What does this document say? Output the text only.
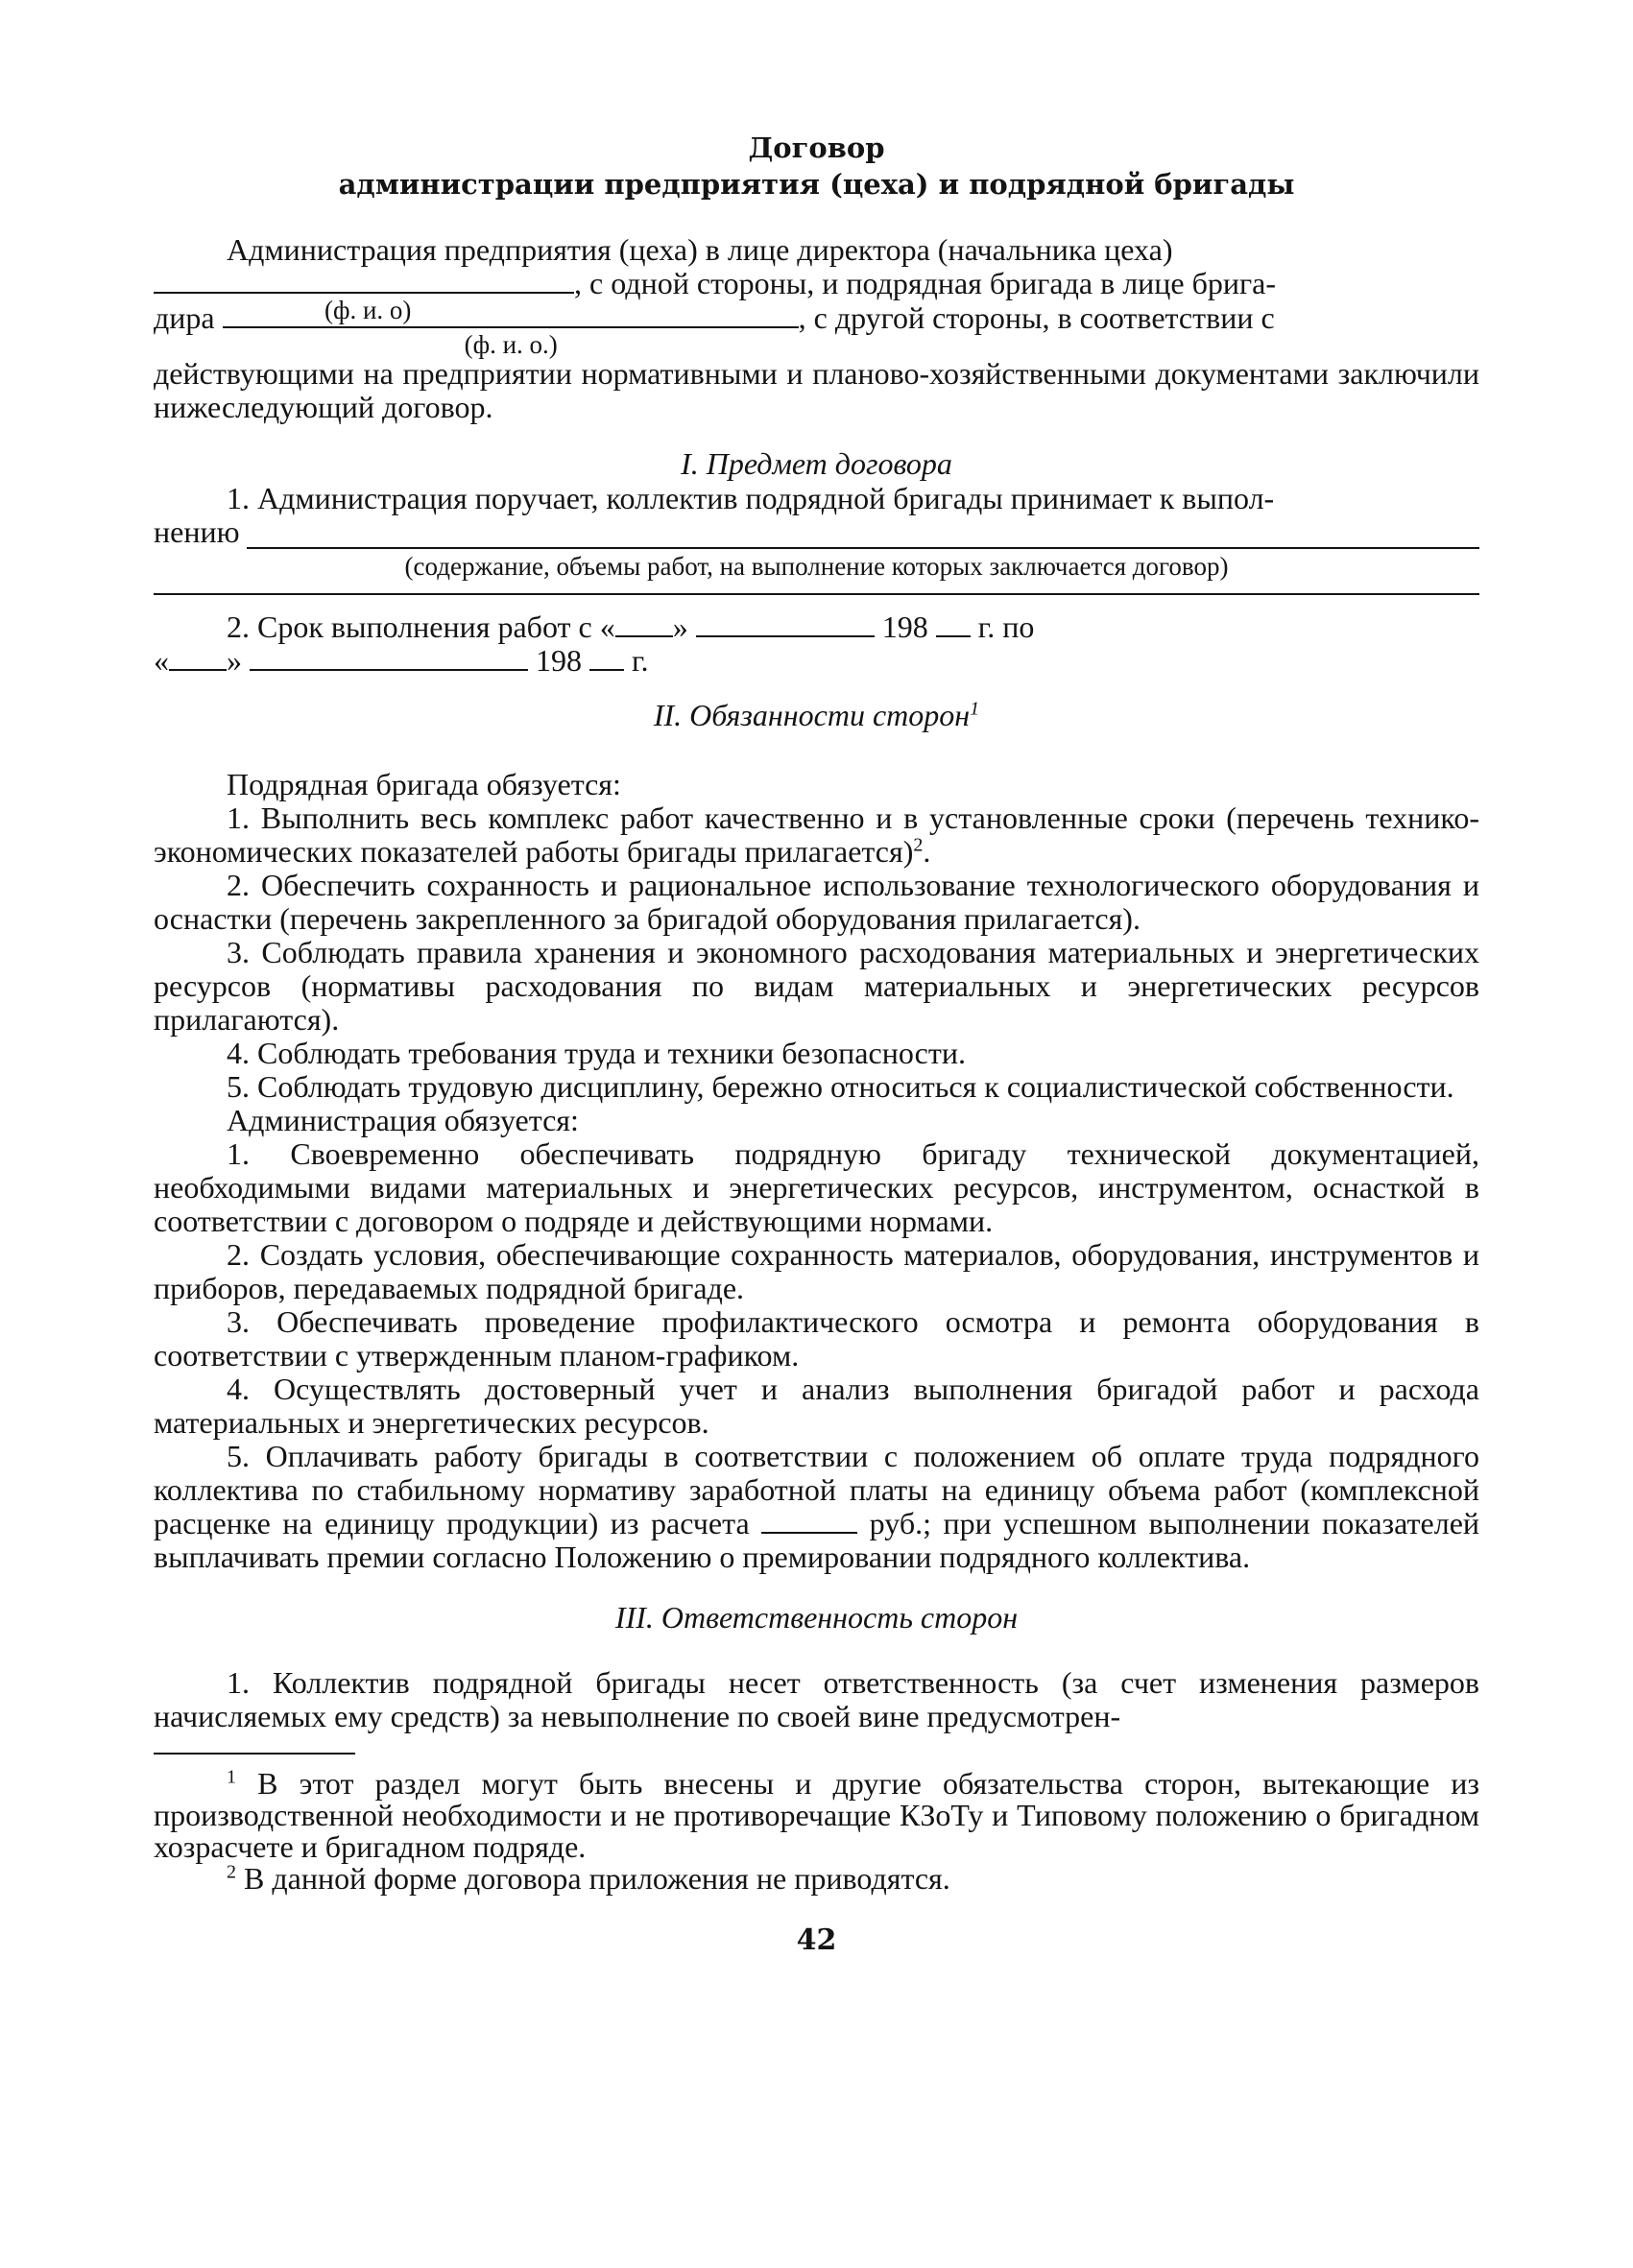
Договор
администрации предприятия (цеха) и подрядной бригады
Администрация предприятия (цеха) в лице директора (начальника цеха)
(ф. и. о)
, с одной стороны, и подрядная бригада в лице брига-
дира
(ф. и. о.)
, с другой стороны, в соответствии с
действующими на предприятии нормативными и планово-хозяйственными документами заключили нижеследующий договор.
I. Предмет договора
1. Администрация поручает, коллектив подрядной бригады принимает к выпол-
нению
(содержание, объемы работ, на выполнение которых заключается договор)
2. Срок выполнения работ с « »	198 г. по
« »	198 г.
II. Обязанности сторон$^1$
Подрядная бригада обязуется:
1. Выполнить весь комплекс работ качественно и в установленные сроки (перечень технико-экономических показателей работы бригады прилагается)$^2$.
2. Обеспечить сохранность и рациональное использование технологического оборудования и оснастки (перечень закрепленного за бригадой оборудования прилагается).
3. Соблюдать правила хранения и экономного расходования материальных и энергетических ресурсов (нормативы расходования по видам материальных и энергетических ресурсов прилагаются).
4. Соблюдать требования труда и техники безопасности.
5. Соблюдать трудовую дисциплину, бережно относиться к социалистической собственности.
Администрация обязуется:
1. Своевременно обеспечивать подрядную бригаду технической документацией, необходимыми видами материальных и энергетических ресурсов, инструментом, оснасткой в соответствии с договором о подряде и действующими нормами.
2. Создать условия, обеспечивающие сохранность материалов, оборудования, инструментов и приборов, передаваемых подрядной бригаде.
3. Обеспечивать проведение профилактического осмотра и ремонта оборудования в соответствии с утвержденным планом-графиком.
4. Осуществлять достоверный учет и анализ выполнения бригадой работ и расхода материальных и энергетических ресурсов.
5. Оплачивать работу бригады в соответствии с положением об оплате труда подрядного коллектива по стабильному нормативу заработной платы на единицу объема работ (комплексной расценке на единицу продукции) из расчета	руб.; при успешном выполнении показателей выплачивать премии согласно Положению о премировании подрядного коллектива.
III. Ответственность сторон
1. Коллектив подрядной бригады несет ответственность (за счет изменения размеров начисляемых ему средств) за невыполнение по своей вине предусмотрен-
$^1$ В этот раздел могут быть внесены и другие обязательства сторон, вытекающие из производственной необходимости и не противоречащие КЗоТу и Типовому положению о бригадном хозрасчете и бригадном подряде.
$^2$ В данной форме договора приложения не приводятся.
42
